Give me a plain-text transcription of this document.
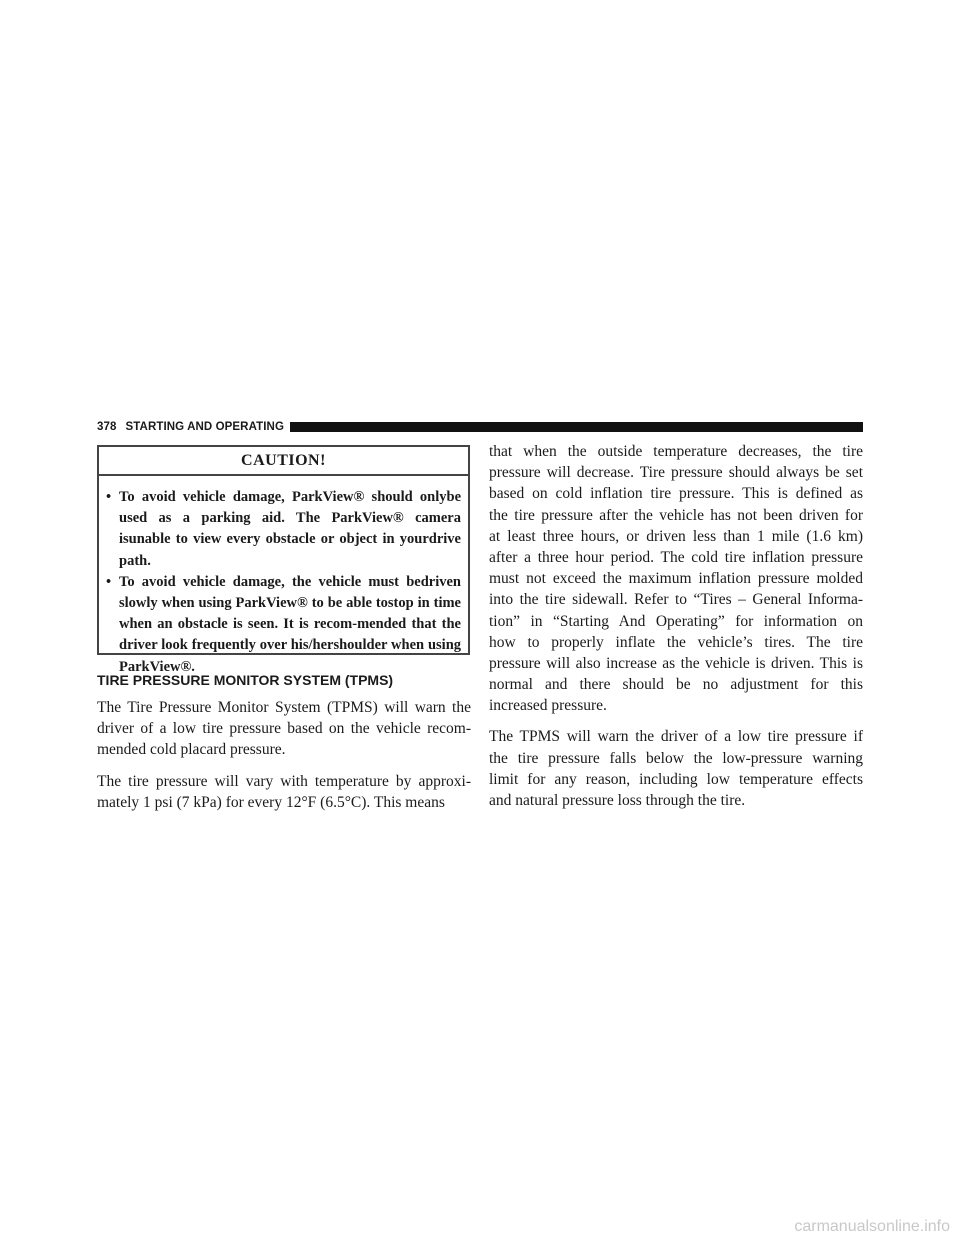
378 STARTING AND OPERATING
CAUTION!
• To avoid vehicle damage, ParkView® should onlybe used as a parking aid. The ParkView® camera isunable to view every obstacle or object in yourdrive path.
• To avoid vehicle damage, the vehicle must bedriven slowly when using ParkView® to be able tostop in time when an obstacle is seen. It is recom-mended that the driver look frequently over his/hershoulder when using ParkView®.
TIRE PRESSURE MONITOR SYSTEM (TPMS)

The Tire Pressure Monitor System (TPMS) will warn the
driver of a low tire pressure based on the vehicle recom-
mended cold placard pressure.

The tire pressure will vary with temperature by approxi-
mately 1 psi (7 kPa) for every 12°F (6.5°C). This means

that when the outside temperature decreases, the tire
pressure will decrease. Tire pressure should always be set
based on cold inflation tire pressure. This is defined as
the tire pressure after the vehicle has not been driven for
at least three hours, or driven less than 1 mile (1.6 km)
after a three hour period. The cold tire inflation pressure
must not exceed the maximum inflation pressure molded
into the tire sidewall. Refer to “Tires – General Informa-
tion” in “Starting And Operating” for information on
how to properly inflate the vehicle’s tires. The tire
pressure will also increase as the vehicle is driven. This is
normal and there should be no adjustment for this
increased pressure.

The TPMS will warn the driver of a low tire pressure if
the tire pressure falls below the low-pressure warning
limit for any reason, including low temperature effects
and natural pressure loss through the tire.

carmanualsonline.info
